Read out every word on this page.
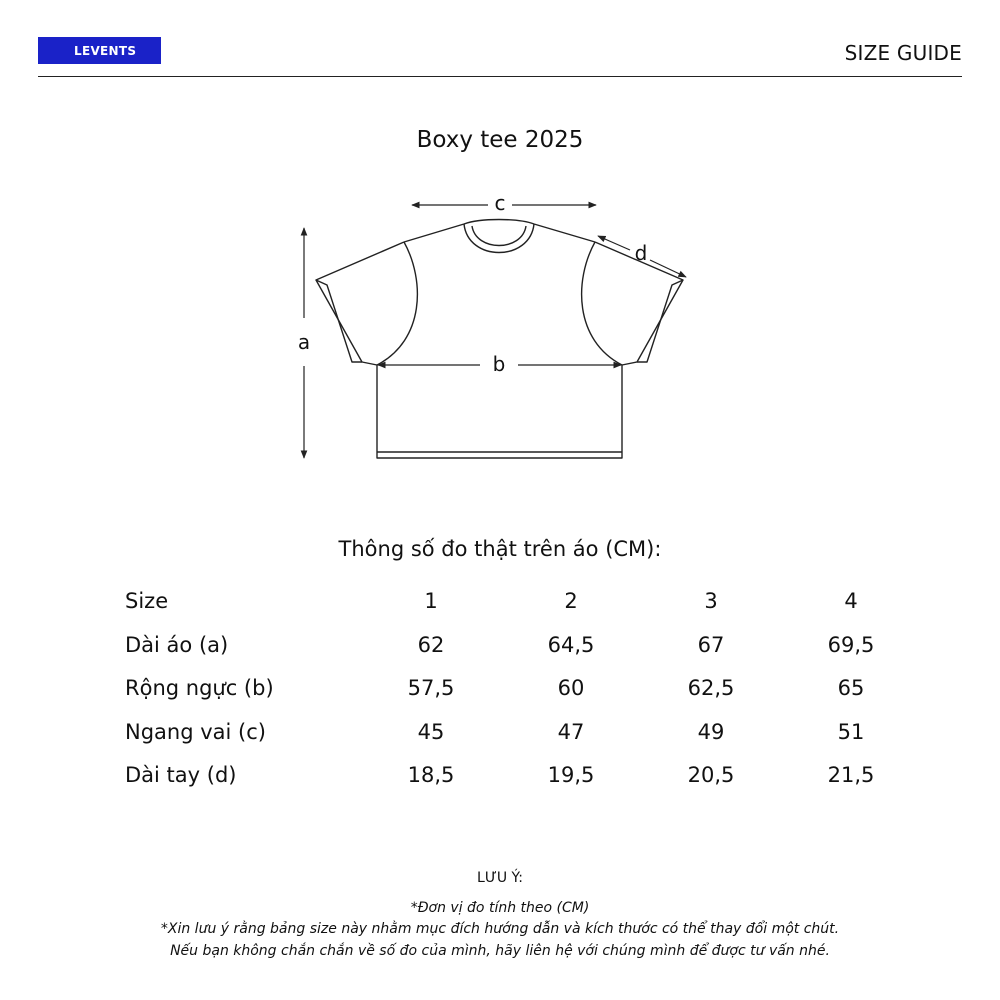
LEVENTS	SIZE GUIDE
Boxy tee 2025
c
d
a
b
Thông số đo thật trên áo (CM):
Size	1	2	3	4
Dài áo (a)	62	64,5	67	69,5
Rộng ngực (b)	57,5	60	62,5	65
Ngang vai (c)	45	47	49	51
Dài tay (d)	18,5	19,5	20,5	21,5
LƯU Ý:
*Đơn vị đo tính theo (CM)
*Xin lưu ý rằng bảng size này nhằm mục đích hướng dẫn và kích thước có thể thay đổi một chút.
Nếu bạn không chắn chắn về số đo của mình, hãy liên hệ với chúng mình để được tư vấn nhé.
